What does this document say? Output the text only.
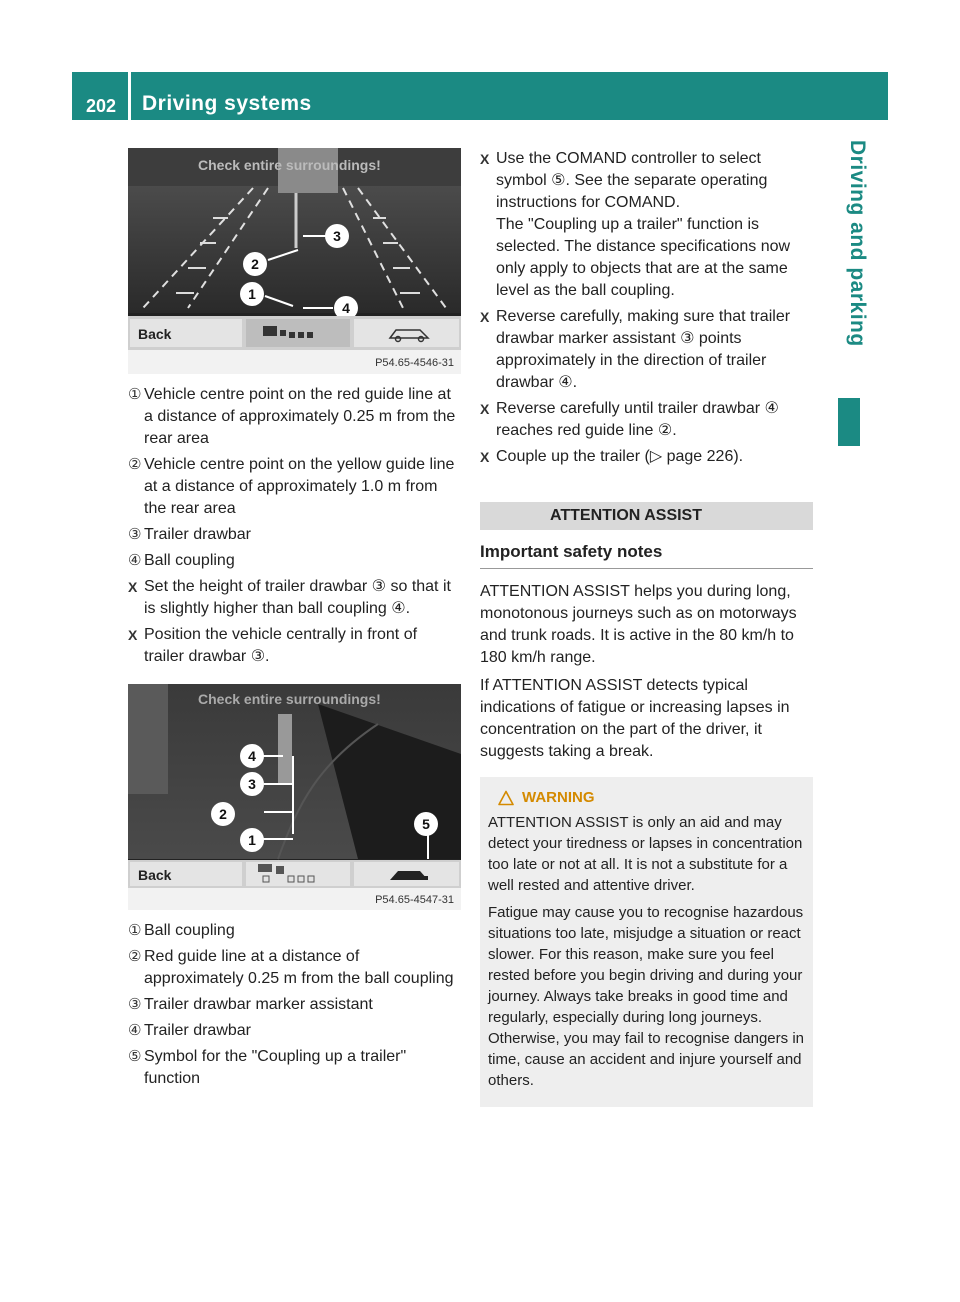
202	Driving systems
Driving and parking
Check entire surroundings!
3
2
1
4
Back
P54.65-4546-31
① Vehicle centre point on the red guide line at a distance of approximately 0.25 m from the rear area
② Vehicle centre point on the yellow guide line at a distance of approximately 1.0 m from the rear area
③ Trailer drawbar
④ Ball coupling
X Set the height of trailer drawbar ③ so that it is slightly higher than ball coupling ④.
X Position the vehicle centrally in front of trailer drawbar ③.
Check entire surroundings!
4
3
2
1
5
Back
P54.65-4547-31
① Ball coupling
② Red guide line at a distance of approximately 0.25 m from the ball coupling
③ Trailer drawbar marker assistant
④ Trailer drawbar
⑤ Symbol for the "Coupling up a trailer" function
X Use the COMAND controller to select symbol ⑤. See the separate operating instructions for COMAND.
The "Coupling up a trailer" function is selected. The distance specifications now only apply to objects that are at the same level as the ball coupling.
X Reverse carefully, making sure that trailer drawbar marker assistant ③ points approximately in the direction of trailer drawbar ④.
X Reverse carefully until trailer drawbar ④ reaches red guide line ②.
X Couple up the trailer (▷ page 226).
ATTENTION ASSIST
Important safety notes

ATTENTION ASSIST helps you during long, monotonous journeys such as on motorways and trunk roads. It is active in the 80 km/h to 180 km/h range.

If ATTENTION ASSIST detects typical indications of fatigue or increasing lapses in concentration on the part of the driver, it suggests taking a break.

WARNING

ATTENTION ASSIST is only an aid and may detect your tiredness or lapses in concentration too late or not at all. It is not a substitute for a well rested and attentive driver.

Fatigue may cause you to recognise hazardous situations too late, misjudge a situation or react slower. For this reason, make sure you feel rested before you begin driving and during your journey. Always take breaks in good time and regularly, especially during long journeys. Otherwise, you may fail to recognise dangers in time, cause an accident and injure yourself and others.
